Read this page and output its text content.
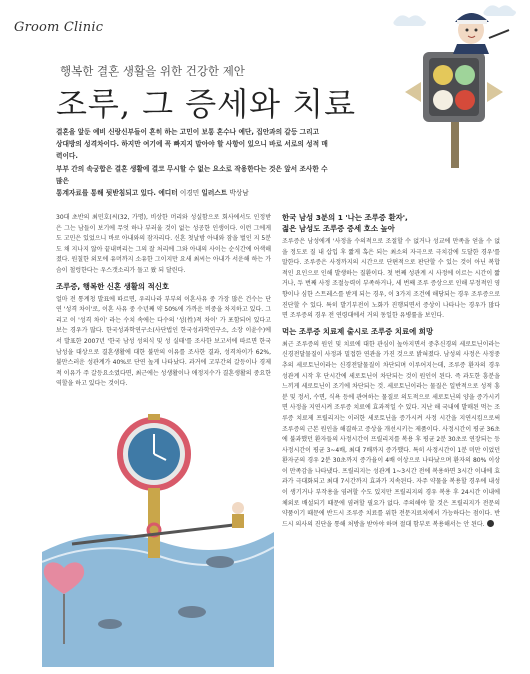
Groom Clinic
행복한 결혼 생활을 위한 건강한 제안
조루, 그 증세와 치료

결혼을 앞둔 예비 신랑신부들이 흔히 하는 고민이 보통 혼수나 예단, 집안과의 갈등 그리고

상대방의 성격차이다. 하지만 여기에 꼭 빠지지 말아야 할 사항이 있으니 바로 서로의 성적 매력이다.

부부 간의 속궁합은 결혼 생활에 결코 무시할 수 없는 요소로 작용한다는 것은 앞서 조사한 수많은

통계자료를 통해 뒷받침되고 있다. 에디터 이경민 일러스트 박상남

30대 초반의 최민호(씨(32, 가명), 비상한 머리와 성실함으로 회사에서도 인정받은 그는 남들이 보기에 무엇 하나 부러울 것이 없는 성공한 인생이다. 이런 그에게도 고민은 있었으니 바로 아내와의 잠자리다. 신혼 첫날밤 아내와 잠을 벌인 지 5분도 채 지나지 않아 끝내버리는 그의 잘 처리에 그와 아내의 사이는 순식간에 어색해졌다. 원칠한 외모에 유머까지 소유한 그이지만 요새 최씨는 아내가 서운해 하는 가슴이 철렁한다는 우스갯소리가 돌고 왔 되 달린다.

조루증, 행복한 신혼 생활의 적신호

얼마 전 통계청 발표에 따르면, 우리나라 부부의 이혼사유 중 가장 많은 건수는 단연 '성격 차이'로, 이혼 사유 중 수년째 약 50%에 가까운 비중을 차지하고 있다. 그리고 이 '성격 차이' 라는 수치 속에는 다수의 '성(性)적 차이' 가 포함되어 있다고 보는 경우가 많다. 한국성과학연구소(사단법인 한국성과학연구소, 소장 이윤수)에서 발표한 2007년 '한국 남성 성의식 및 성 실태'를 조사한 보고서에 따르면 한국 남성을 대상으로 결혼생활에 대한 불만의 이유를 조사한 결과, 성격차이가 62%, 불만스러운 성관계가 40%로 단연 높게 나타났다. 과거에 고부간의 갈등이나 경제적 이유가 주 갈등요소였다면, 최근에는 성생활이나 애정지수가 결혼생활의 중요한 역할을 하고 있다는 것이다.

한국 남성 3분의 1 '나는 조루증 환자',
젊은 남성도 조루증 증세 호소 높아

조루증은 남성에게 '사정을 수의적으로 조절할 수 없거나 성교에 만족을 얻을 수 없을 정도로 질 내 삽입 후 짧게 혹은 되는 최소의 자극으로 극치감에 도달한 경우'를 말한다. 조루증은 사정까지의 시간으로 단편적으로 판단할 수 있는 것이 아닌 복합적인 요인으로 인해 발생하는 질환이다. 첫 번째 성관계 시 사정에 이르는 시간이 짧거나, 두 번째 사정 조절능력이 부족하거나, 세 번째 조루 증상으로 인해 부정적인 영향이나 심한 스트레스를 받게 되는 경우, 이 3가지 조건에 해당되는 경우 조루증으로 진단할 수 있다. 특히 발기부전이 노화가 진행되면서 증상이 나타나는 경우가 많다면 조루증의 경우 전 연령대에서 거의 동일한 유병률을 보인다.

먹는 조루증 치료제 출시로 조루증 치료에 희망

최근 조루증의 원인 및 치료에 대한 관심이 높아지면서 중추신경의 세로토닌이라는 신경전달물질이 사정과 밀접한 연관을 가진 것으로 밝혀졌다. 남성의 사정은 사정중추의 세로토닌이라는 신경전달물질이 차단되며 이루어지는데, 조루증 환자의 경우 성관계 시작 후 단시간에 세로토닌이 차단되는 것이 원인이 된다. 즉 과도한 흥분을 느끼게 세로토닌이 조기에 차단되는 것. 세로토닌이라는 물질은 일반적으로 성적 흥분 및 정서, 수면, 식욕 등에 관여하는 물질로 의도적으로 세로토닌의 양을 증가시키면 사정을 지연시켜 조루증 치료에 효과적일 수 있다. 지난 해 국내에 발매된 먹는 조루증 치료제 프릴리지는 이러한 세로토닌을 증가시켜 사정 시간을 지연시킴으로써 조루증의 근본 원인을 해결하고 증상을 개선시키는 제품이다. 사정시간이 평균 36초에 불과했던 환자들의 사정시간이 프릴리지를 복용 후 평균 2분 30초로 연장되는 등 사정시간이 평균 3~4배, 최대 7배까지 증가했다. 특히 사정시간이 1분 미만 이었던 환자군의 경우 2분 30초까지 증가율이 4배 이상으로 나타났으며 환자의 80% 이상이 만족감을 나타냈다. 프릴리지는 성관계 1~3시간 전에 복용하면 3시간 이내에 효과가 극대화되고 최대 7시간까지 효과가 지속된다. 자주 약물을 복용할 경우에 내성이 생기거나 부작용을 염려할 수도 있지만 프릴리지의 경우 복용 후 24시간 이내에 체외로 배설되기 때문에 염려할 필요가 없다. 주의해야 할 것은 프릴리지가 전문의약품이기 때문에 반드시 조루증 치료를 위한 전문지료처에서 가능하다는 점이다. 반드시 의사의 진단을 통해 처방을 받아야 하며 절대 함부로 복용해서는 안 된다.
